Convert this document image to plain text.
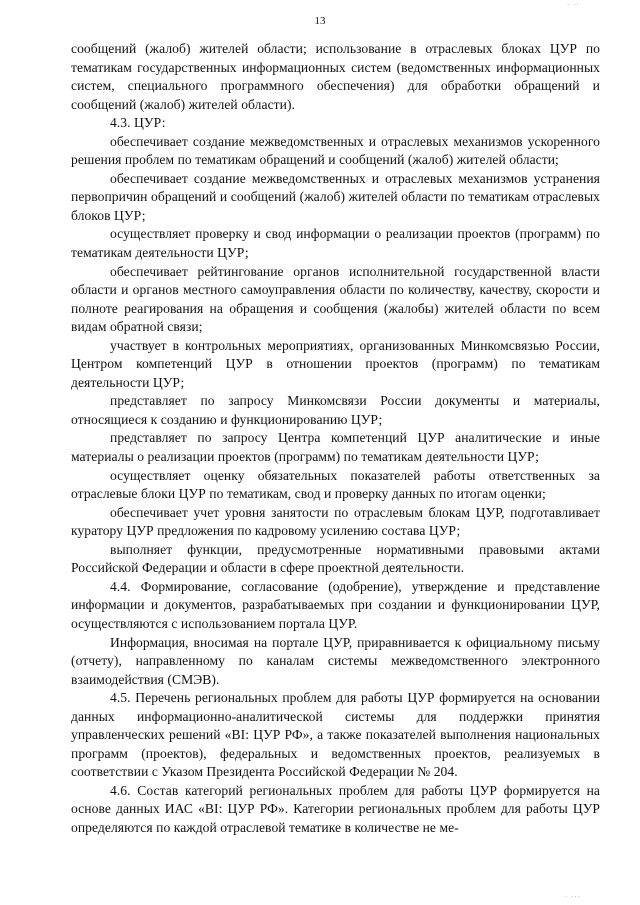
· ··
13

сообщений (жалоб) жителей области; использование в отраслевых блоках ЦУР по тематикам государственных информационных систем (ведомственных информационных систем, специального программного обеспечения) для обработки обращений и сообщений (жалоб) жителей области).

4.3. ЦУР:

обеспечивает создание межведомственных и отраслевых механизмов ускоренного решения проблем по тематикам обращений и сообщений (жалоб) жителей области;

обеспечивает создание межведомственных и отраслевых механизмов устранения первопричин обращений и сообщений (жалоб) жителей области по тематикам отраслевых блоков ЦУР;

осуществляет проверку и свод информации о реализации проектов (программ) по тематикам деятельности ЦУР;

обеспечивает рейтингование органов исполнительной государственной власти области и органов местного самоуправления области по количеству, качеству, скорости и полноте реагирования на обращения и сообщения (жалобы) жителей области по всем видам обратной связи;

участвует в контрольных мероприятиях, организованных Минкомсвязью России, Центром компетенций ЦУР в отношении проектов (программ) по тематикам деятельности ЦУР;

представляет по запросу Минкомсвязи России документы и материалы, относящиеся к созданию и функционированию ЦУР;

представляет по запросу Центра компетенций ЦУР аналитические и иные материалы о реализации проектов (программ) по тематикам деятельности ЦУР;

осуществляет оценку обязательных показателей работы ответственных за отраслевые блоки ЦУР по тематикам, свод и проверку данных по итогам оценки;

обеспечивает учет уровня занятости по отраслевым блокам ЦУР, подготавливает куратору ЦУР предложения по кадровому усилению состава ЦУР;

выполняет функции, предусмотренные нормативными правовыми актами Российской Федерации и области в сфере проектной деятельности.

4.4. Формирование, согласование (одобрение), утверждение и представление информации и документов, разрабатываемых при создании и функционировании ЦУР, осуществляются с использованием портала ЦУР.

Информация, вносимая на портале ЦУР, приравнивается к официальному письму (отчету), направленному по каналам системы межведомственного электронного взаимодействия (СМЭВ).

4.5. Перечень региональных проблем для работы ЦУР формируется на основании данных информационно-аналитической системы для поддержки принятия управленческих решений «BI: ЦУР РФ», а также показателей выполнения национальных программ (проектов), федеральных и ведомственных проектов, реализуемых в соответствии с Указом Президента Российской Федерации № 204.

4.6. Состав категорий региональных проблем для работы ЦУР формируется на основе данных ИАС «BI: ЦУР РФ». Категории региональных проблем для работы ЦУР определяются по каждой отраслевой тематике в количестве не ме-

· ···
